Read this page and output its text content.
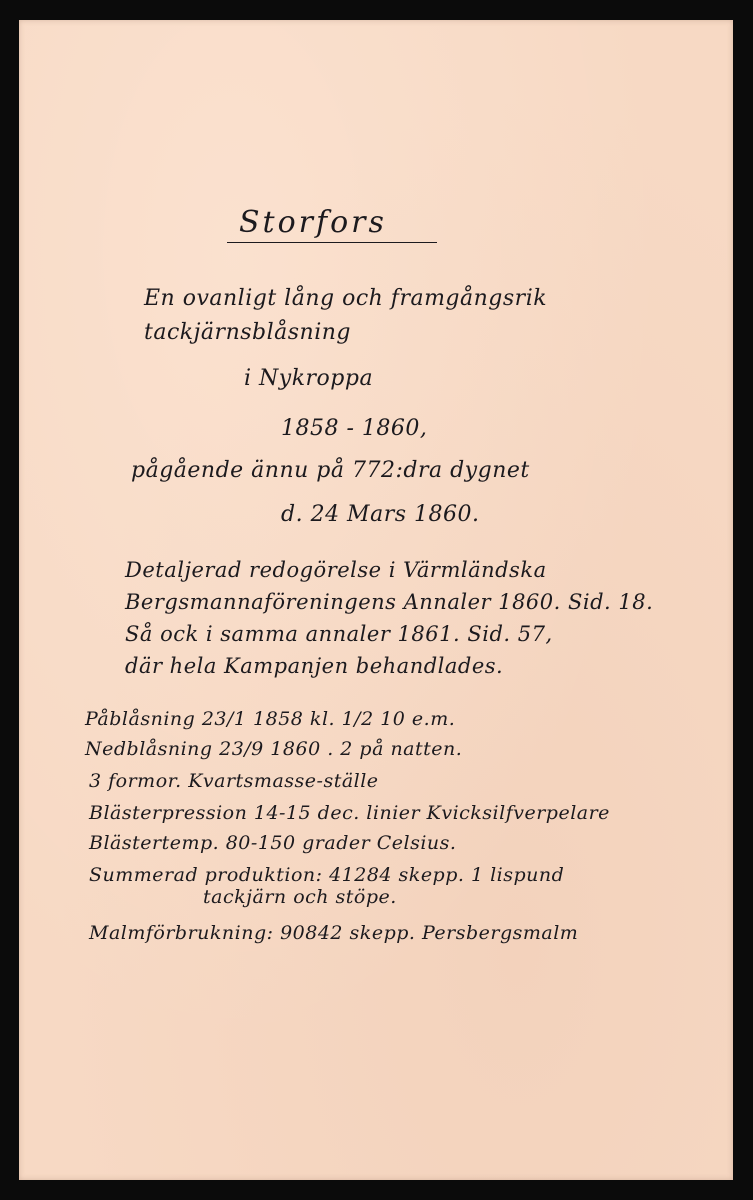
Storfors

En ovanligt lång och framgångsrik

tackjärnsblåsning

i Nykroppa

1858 - 1860,

pågående ännu på 772:dra dygnet

d. 24 Mars 1860.

Detaljerad redogörelse i Värmländska

Bergsmannaföreningens Annaler 1860. Sid. 18.

Så ock i samma annaler 1861. Sid. 57,

där hela Kampanjen behandlades.

Påblåsning 23/1 1858 kl. 1/2 10 e.m.

Nedblåsning 23/9 1860 . 2 på natten.

3 formor. Kvartsmasse-ställe

Blästerpression 14-15 dec. linier Kvicksilfverpelare

Blästertemp. 80-150 grader Celsius.

Summerad produktion: 41284 skepp. 1 lispund

tackjärn och stöpe.

Malmförbrukning: 90842 skepp. Persbergsmalm
